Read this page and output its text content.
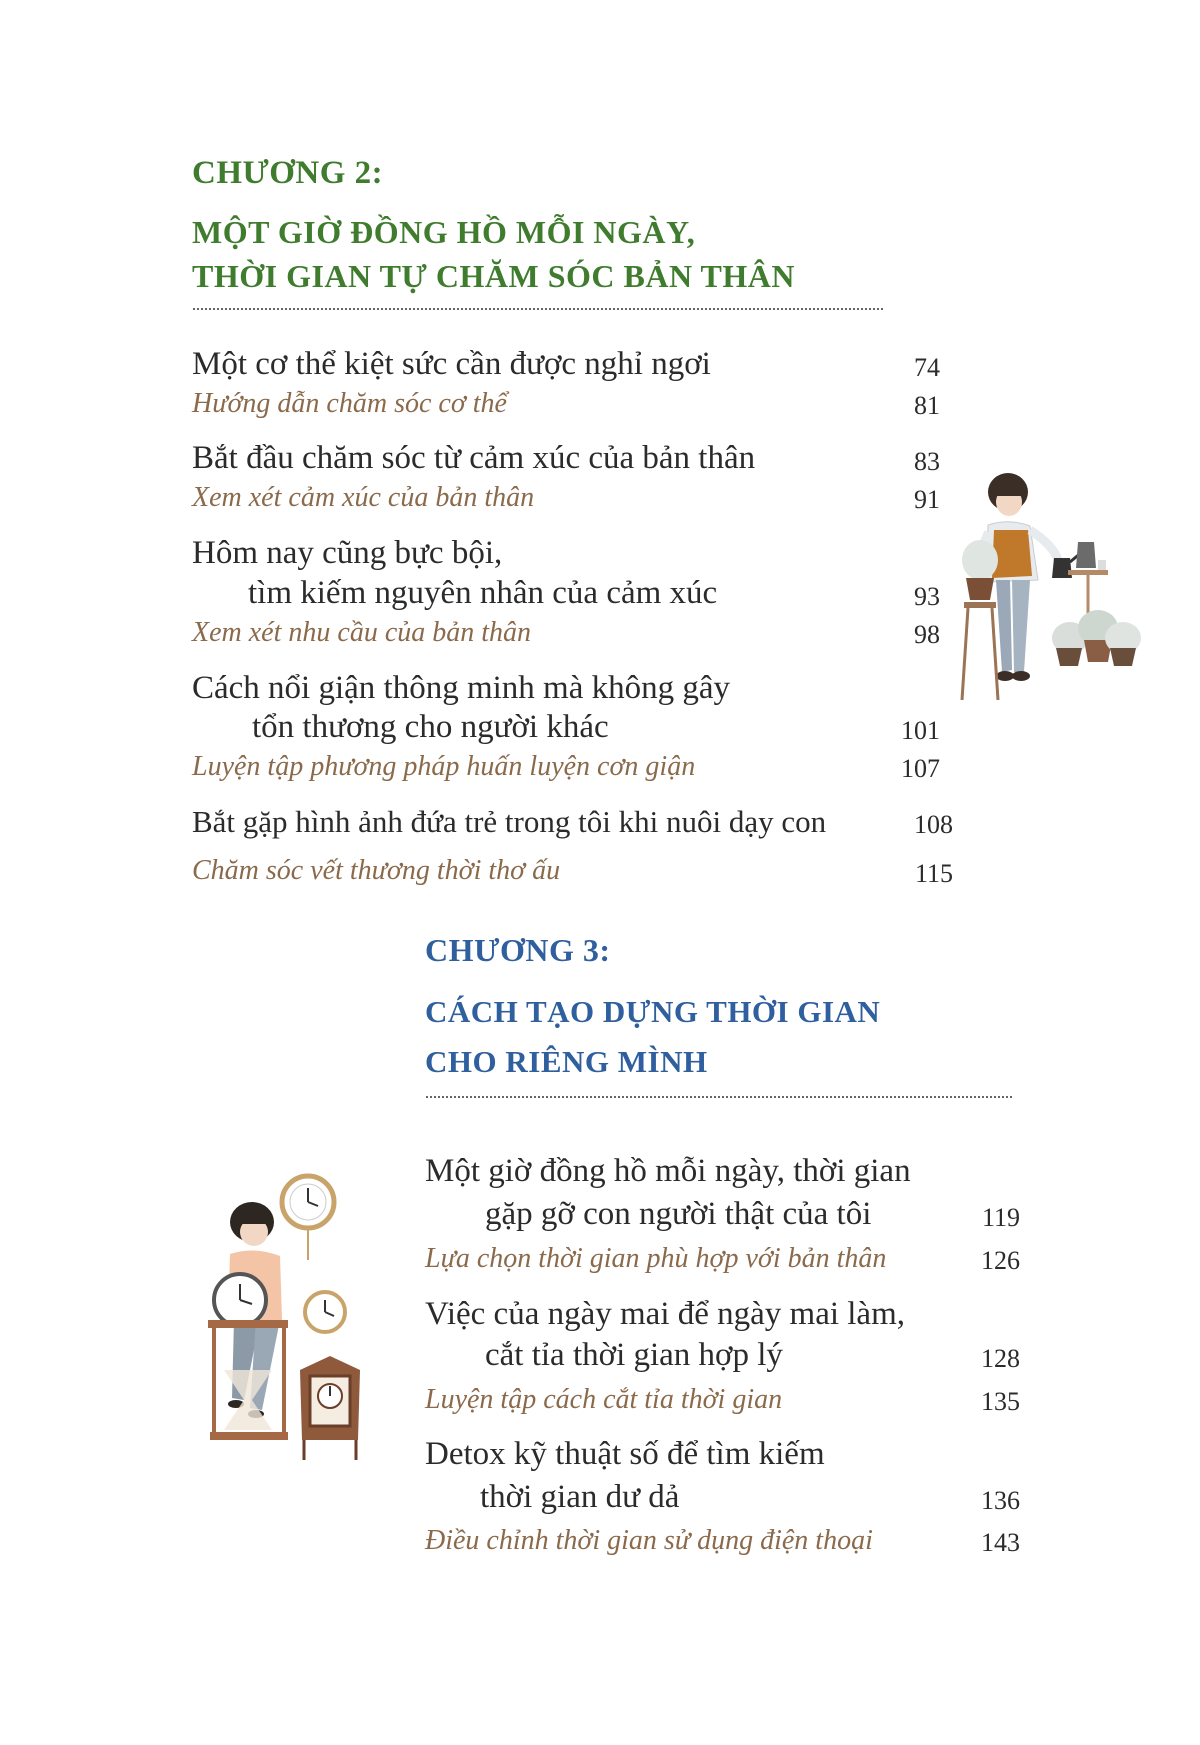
CHƯƠNG 2:
MỘT GIỜ ĐỒNG HỒ MỖI NGÀY,
THỜI GIAN TỰ CHĂM SÓC BẢN THÂN
Một cơ thể kiệt sức cần được nghỉ ngơi	74
Hướng dẫn chăm sóc cơ thể	81
Bắt đầu chăm sóc từ cảm xúc của bản thân	83
Xem xét cảm xúc của bản thân	91
Hôm nay cũng bực bội,
tìm kiếm nguyên nhân của cảm xúc	93
Xem xét nhu cầu của bản thân	98
Cách nổi giận thông minh mà không gây
tổn thương cho người khác	101
Luyện tập phương pháp huấn luyện cơn giận	107
Bắt gặp hình ảnh đứa trẻ trong tôi khi nuôi dạy con	108
Chăm sóc vết thương thời thơ ấu	115
CHƯƠNG 3:
CÁCH TẠO DỰNG THỜI GIAN
CHO RIÊNG MÌNH
Một giờ đồng hồ mỗi ngày, thời gian
gặp gỡ con người thật của tôi	119
Lựa chọn thời gian phù hợp với bản thân	126
Việc của ngày mai để ngày mai làm,
cắt tỉa thời gian hợp lý	128
Luyện tập cách cắt tỉa thời gian	135
Detox kỹ thuật số để tìm kiếm
thời gian dư dả	136
Điều chỉnh thời gian sử dụng điện thoại	143
